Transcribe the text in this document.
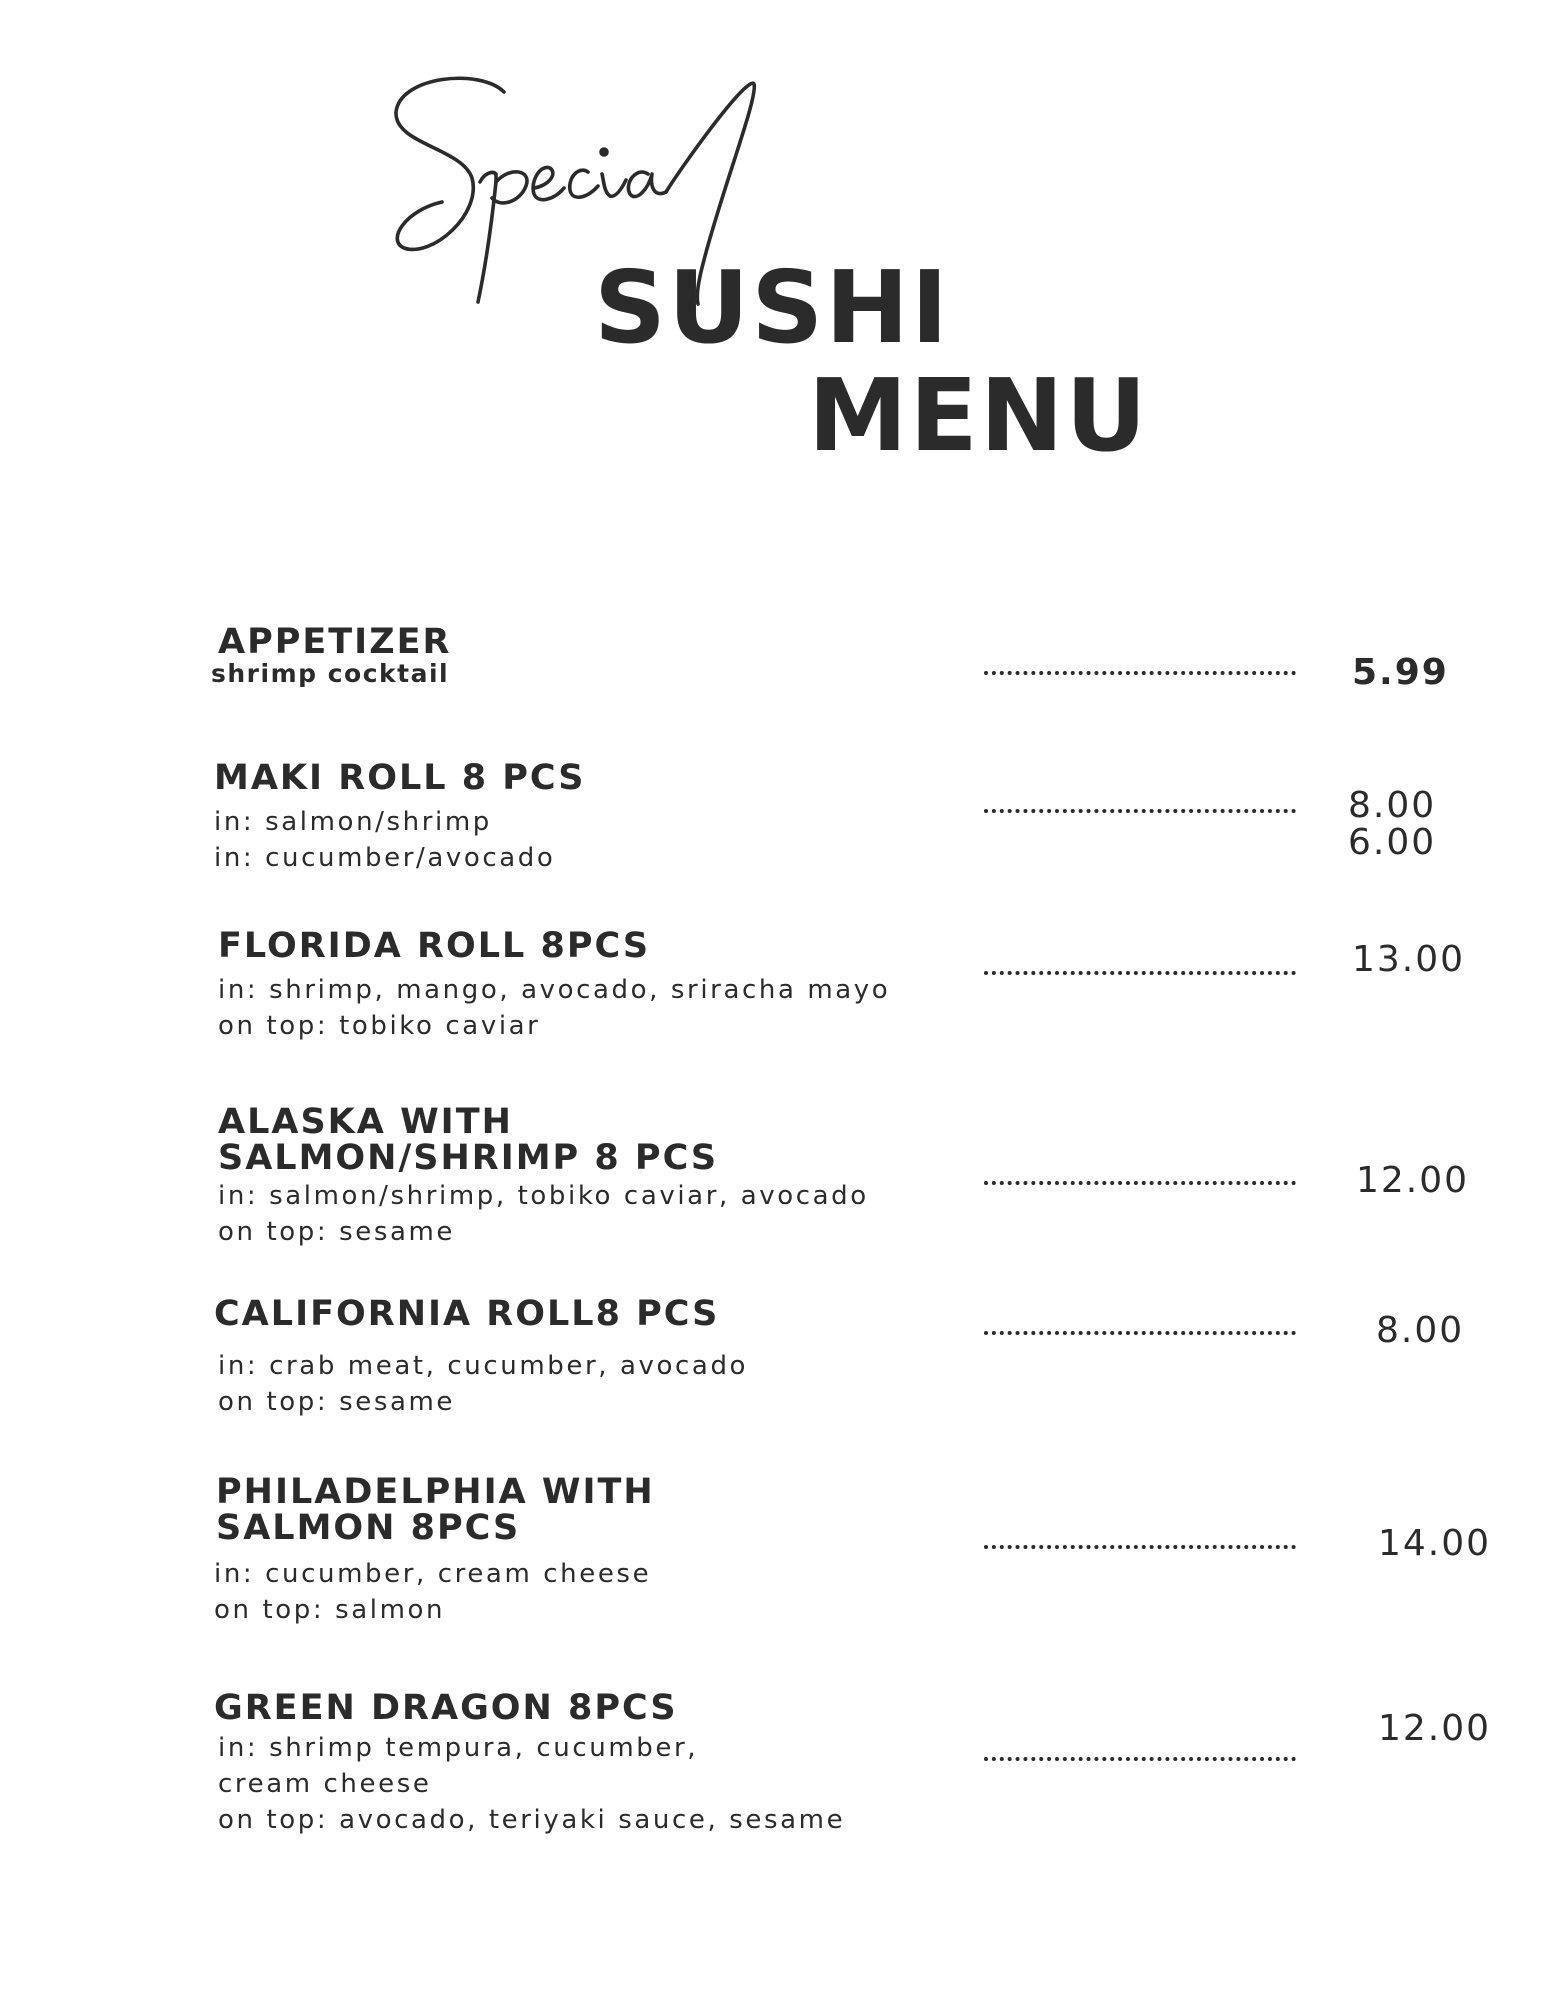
SUSHI
MENU
APPETIZER
shrimp cocktail	5.99
MAKI ROLL 8 PCS
in: salmon/shrimp
in: cucumber/avocado
8.00
6.00
FLORIDA ROLL 8PCS
in: shrimp, mango, avocado, sriracha mayo
on top: tobiko caviar
13.00
ALASKA WITH
SALMON/SHRIMP 8 PCS
in: salmon/shrimp, tobiko caviar, avocado
on top: sesame
12.00
CALIFORNIA ROLL8 PCS
in: crab meat, cucumber, avocado
on top: sesame
8.00
PHILADELPHIA WITH
SALMON 8PCS
in: cucumber, cream cheese
on top: salmon
14.00
GREEN DRAGON 8PCS
in: shrimp tempura, cucumber,
cream cheese
on top: avocado, teriyaki sauce, sesame
12.00
